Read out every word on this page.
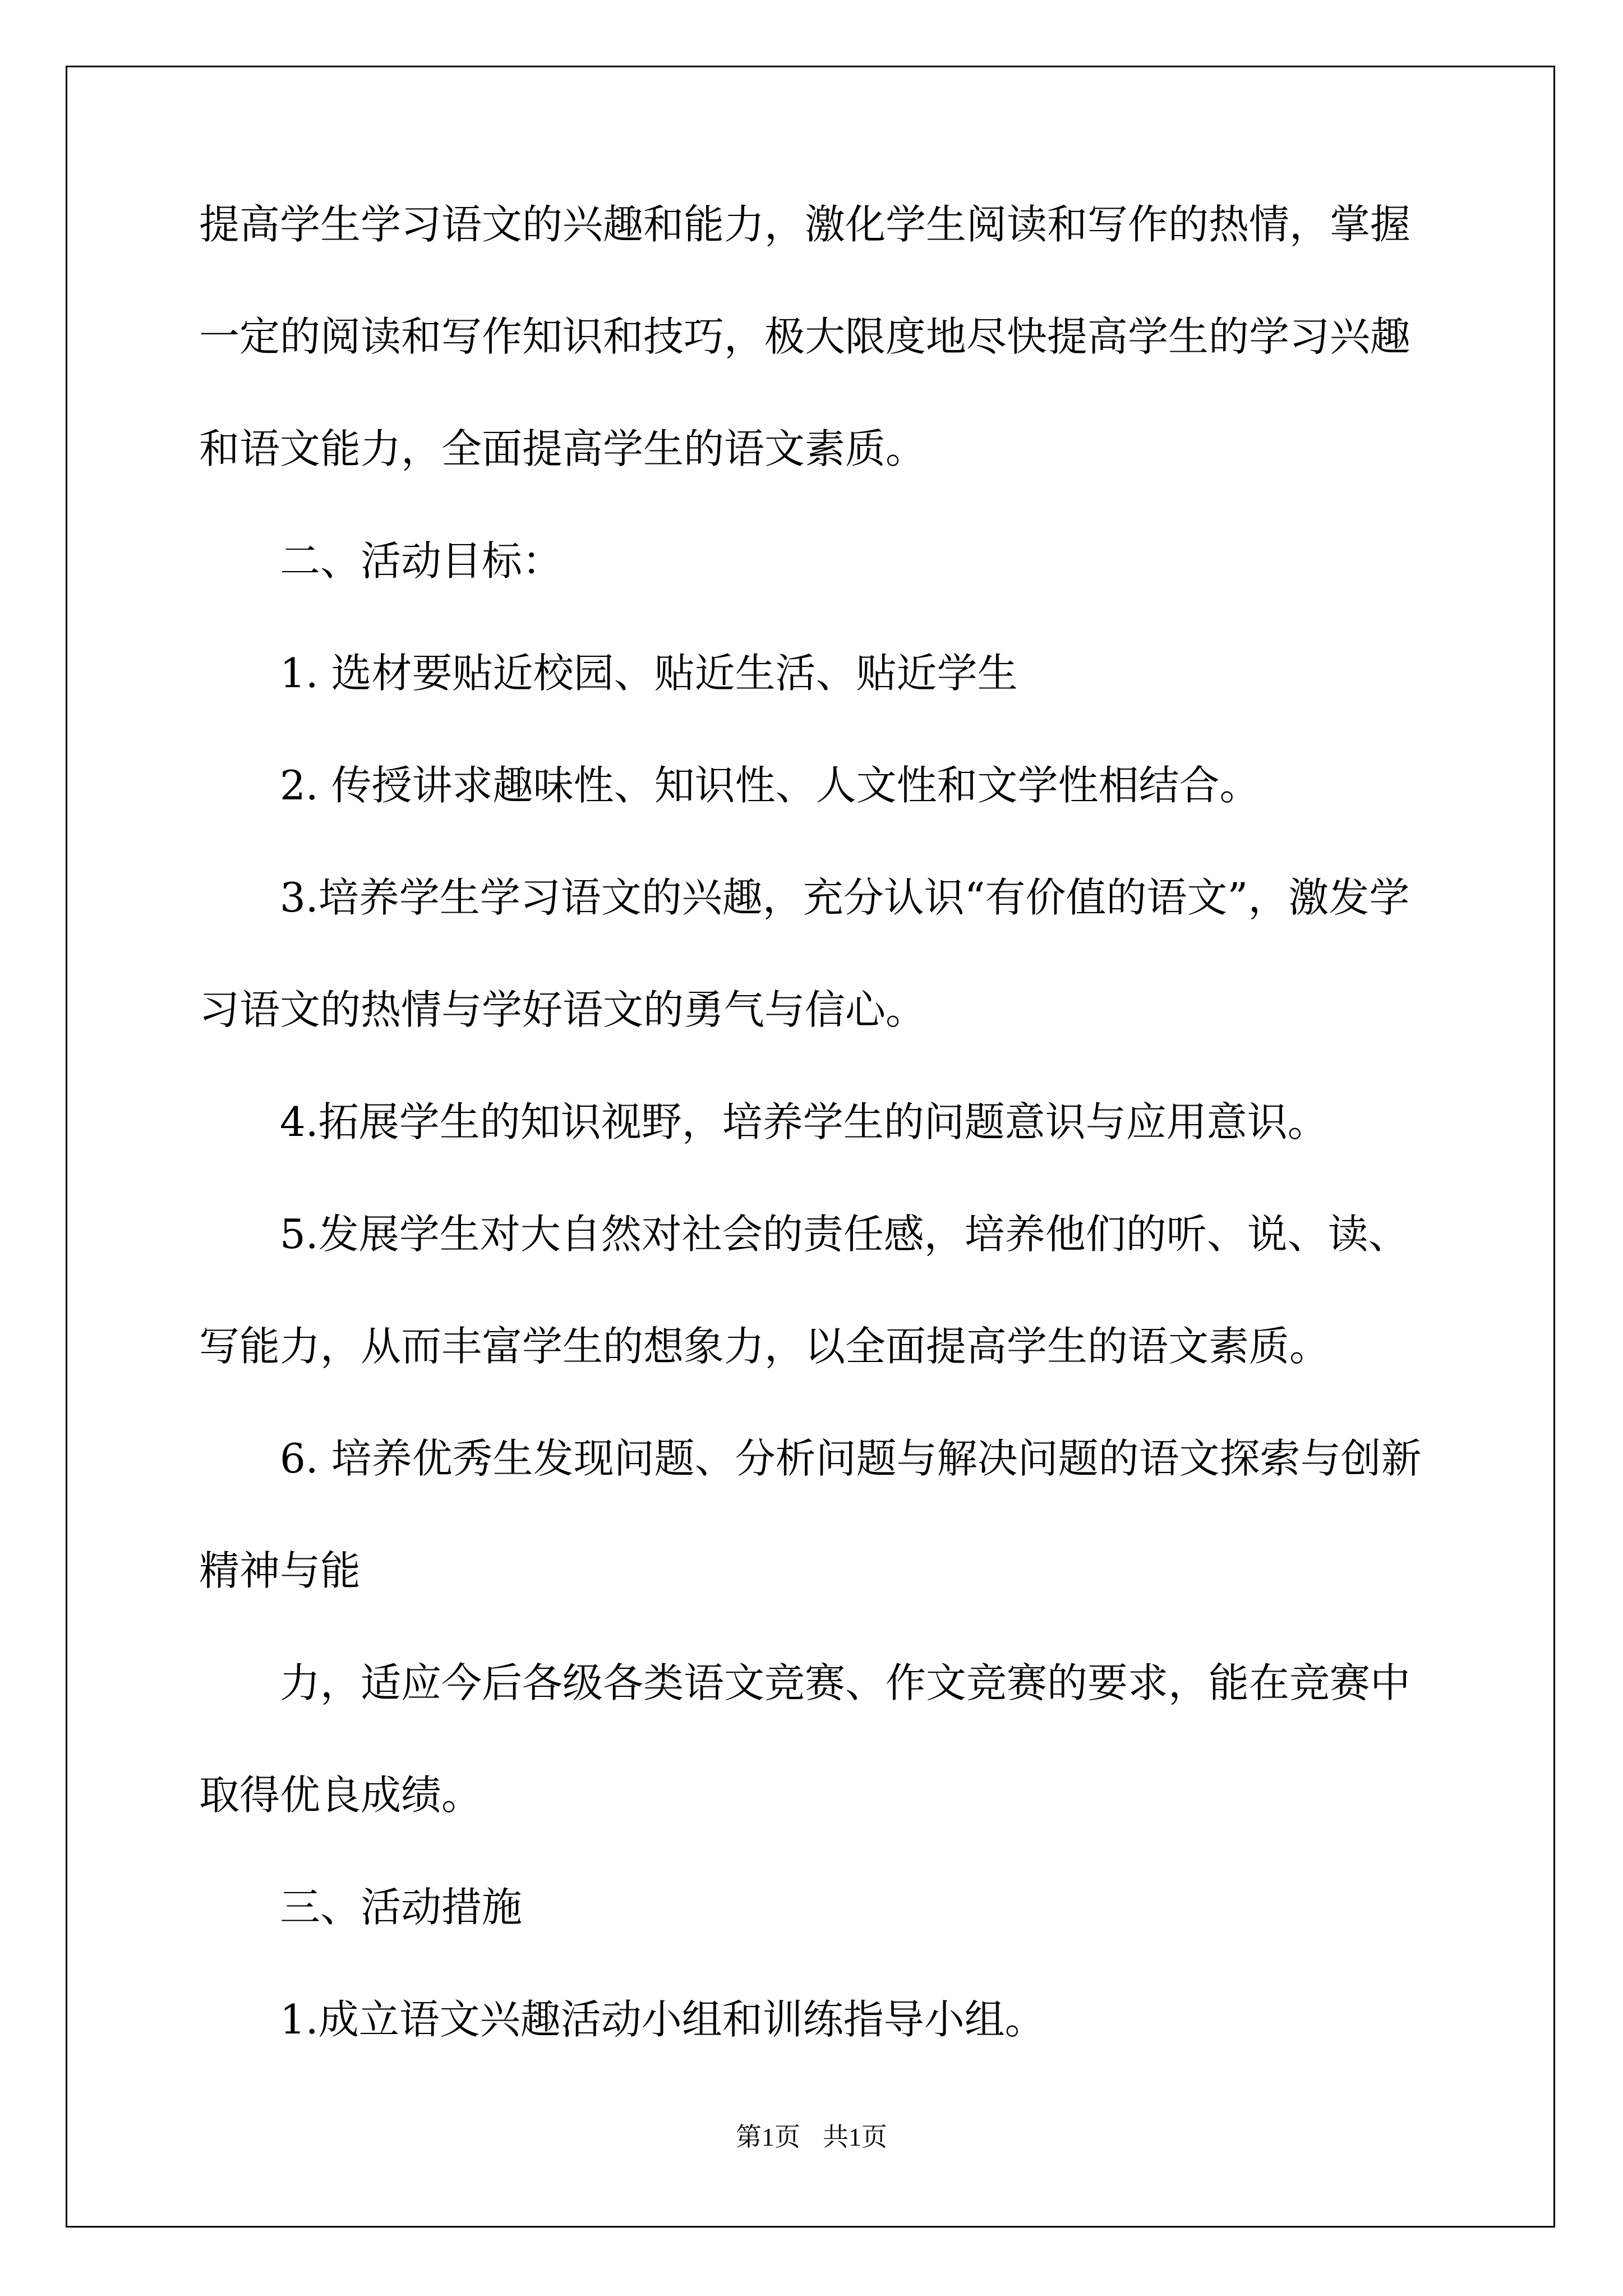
提高学生学习语文的兴趣和能力，激化学生阅读和写作的热情，掌握
一定的阅读和写作知识和技巧，极大限度地尽快提高学生的学习兴趣
和语文能力，全面提高学生的语文素质。
二、活动目标：
1. 选材要贴近校园、贴近生活、贴近学生
2. 传授讲求趣味性、知识性、人文性和文学性相结合。
3.培养学生学习语文的兴趣，充分认识“有价值的语文”，激发学
习语文的热情与学好语文的勇气与信心。
4.拓展学生的知识视野，培养学生的问题意识与应用意识。
5.发展学生对大自然对社会的责任感，培养他们的听、说、读、
写能力，从而丰富学生的想象力，以全面提高学生的语文素质。
6. 培养优秀生发现问题、分析问题与解决问题的语文探索与创新
精神与能
力，适应今后各级各类语文竞赛、作文竞赛的要求，能在竞赛中
取得优良成绩。
三、活动措施
1.成立语文兴趣活动小组和训练指导小组。
第1页 共1页
